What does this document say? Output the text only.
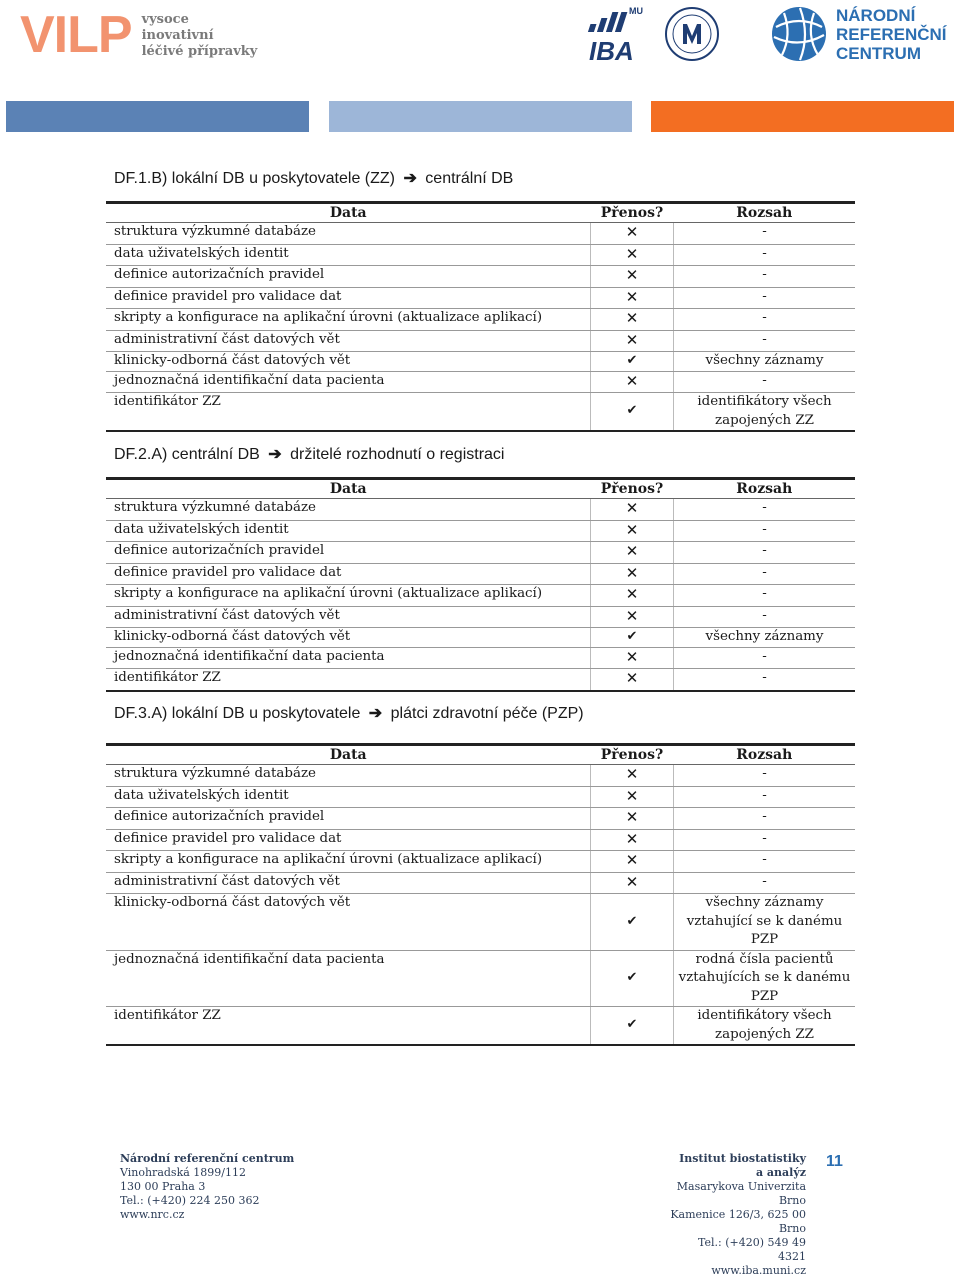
VILP vysoce
inovativní
léčivé přípravky
MU
IBA
NÁRODNÍ
REFERENČNÍ
CENTRUM
DF.1.B) lokální DB u poskytovatele (ZZ) ➔ centrální DB
Data	Přenos?	Rozsah
struktura výzkumné databáze	✕	-
data uživatelských identit	✕	-
definice autorizačních pravidel	✕	-
definice pravidel pro validace dat	✕	-
skripty a konfigurace na aplikační úrovni (aktualizace aplikací)	✕	-
administrativní část datových vět	✕	-
klinicky-odborná část datových vět	✔	všechny záznamy
jednoznačná identifikační data pacienta	✕	-
identifikátor ZZ	✔	identifikátory všech zapojených ZZ
DF.2.A) centrální DB ➔ držitelé rozhodnutí o registraci
Data	Přenos?	Rozsah
struktura výzkumné databáze	✕	-
data uživatelských identit	✕	-
definice autorizačních pravidel	✕	-
definice pravidel pro validace dat	✕	-
skripty a konfigurace na aplikační úrovni (aktualizace aplikací)	✕	-
administrativní část datových vět	✕	-
klinicky-odborná část datových vět	✔	všechny záznamy
jednoznačná identifikační data pacienta	✕	-
identifikátor ZZ	✕	-
DF.3.A) lokální DB u poskytovatele ➔ plátci zdravotní péče (PZP)
Data	Přenos?	Rozsah
struktura výzkumné databáze	✕	-
data uživatelských identit	✕	-
definice autorizačních pravidel	✕	-
definice pravidel pro validace dat	✕	-
skripty a konfigurace na aplikační úrovni (aktualizace aplikací)	✕	-
administrativní část datových vět	✕	-
klinicky-odborná část datových vět	✔	všechny záznamy vztahující se k danému PZP
jednoznačná identifikační data pacienta	✔	rodná čísla pacientů vztahujících se k danému PZP
identifikátor ZZ	✔	identifikátory všech zapojených ZZ
Národní referenční centrum
Vinohradská 1899/112
130 00 Praha 3
Tel.: (+420) 224 250 362
www.nrc.cz
Institut biostatistiky a analýz
Masarykova Univerzita Brno
Kamenice 126/3, 625 00 Brno
Tel.: (+420) 549 49 4321
www.iba.muni.cz
11
